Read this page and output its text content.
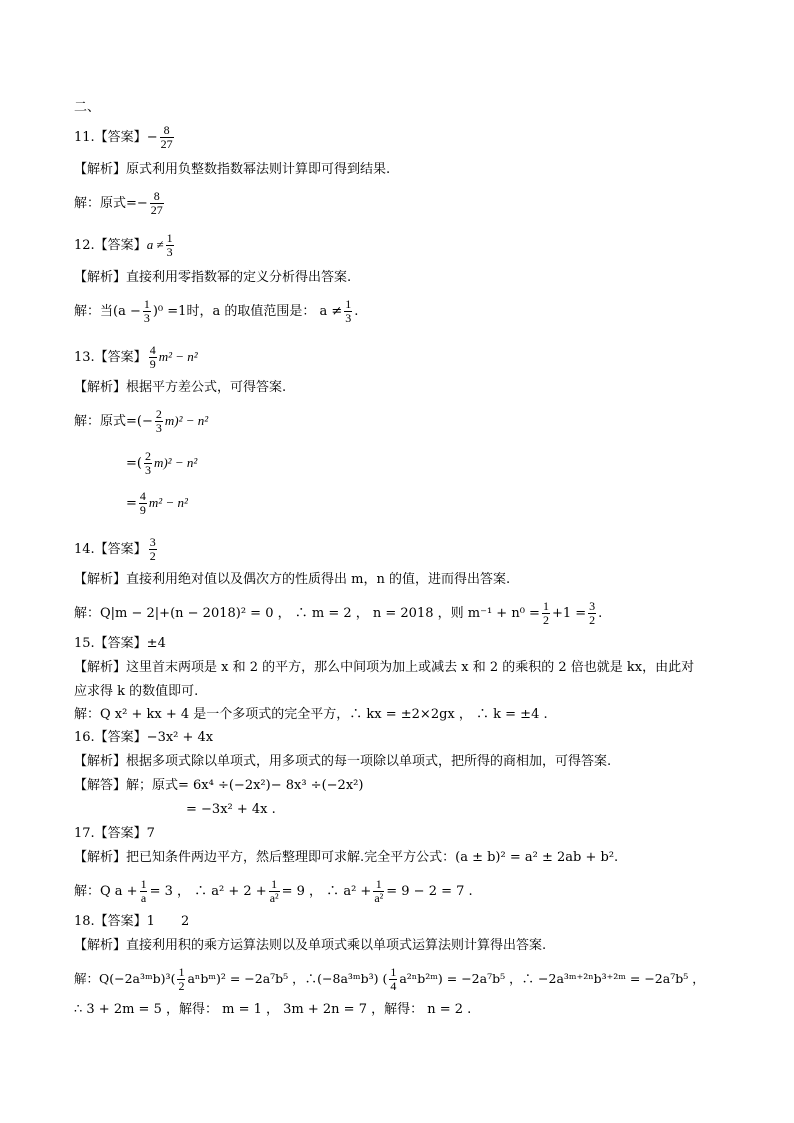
二、
11.【答案】− $\frac{8}{27}$
【解析】原式利用负整数指数幂法则计算即可得到结果.
解：原式=− $\frac{8}{27}$
12.【答案】$a \ne \frac{1}{3}$
【解析】直接利用零指数幂的定义分析得出答案.
解：当$(a - \frac{1}{3} )^0 =1$时，a 的取值范围是： $a \ne \frac{1}{3}$ .
13.【答案】 $\frac{4}{9} m^2 - n^2$
【解析】根据平方差公式，可得答案.
解：原式=(− $\frac{2}{3} m)^2 - n^2$
=( $\frac{2}{3} m)^2 - n^2$
= $\frac{4}{9} m^2 - n^2$
14.【答案】 $\frac{3}{2}$
【解析】直接利用绝对值以及偶次方的性质得出 m，n 的值，进而得出答案.
解：Q|m − 2|+(n − 2018)² = 0 ， ∴ m = 2 ， n = 2018 ，则 $m^{-1} + n^0 = \frac{1}{2} +1 = \frac{3}{2}$ .
15.【答案】±4
【解析】这里首末两项是 x 和 2 的平方，那么中间项为加上或减去 x 和 2 的乘积的 2 倍也就是 kx，由此对
应求得 k 的数值即可.
解：Q x² + kx + 4 是一个多项式的完全平方，∴ kx = ±2×2gx ， ∴ k = ±4 .
16.【答案】−3x² + 4x
【解析】根据多项式除以单项式，用多项式的每一项除以单项式，把所得的商相加，可得答案.
【解答】解；原式= 6x⁴ ÷(−2x²)− 8x³ ÷(−2x²)
= −3x² + 4x .
17.【答案】7
【解析】把已知条件两边平方，然后整理即可求解.完全平方公式：(a ± b)² = a² ± 2ab + b².
解：Q $a + \frac{1}{a} = 3$ ， ∴ $a^2 + 2 + \frac{1}{\text{a²}} = 9$ ， ∴ $a^2 + \frac{1}{\text{a²}} = 9 - 2 = 7$ .
18.【答案】1　　2
【解析】直接利用积的乘方运算法则以及单项式乘以单项式运算法则计算得出答案.
解：Q(−2a³ᵐb)³( $\frac{1}{2}$ aⁿbᵐ)² = −2a⁷b⁵ ，∴(−8a³ᵐb³) ( $\frac{1}{4}$ a²ⁿb²ᵐ) = −2a⁷b⁵ ，∴ −2a³ᵐ⁺²ⁿb³⁺²ᵐ = −2a⁷b⁵ ，
∴ 3 + 2m = 5 ，解得： m = 1 ， 3m + 2n = 7 ，解得： n = 2 .
